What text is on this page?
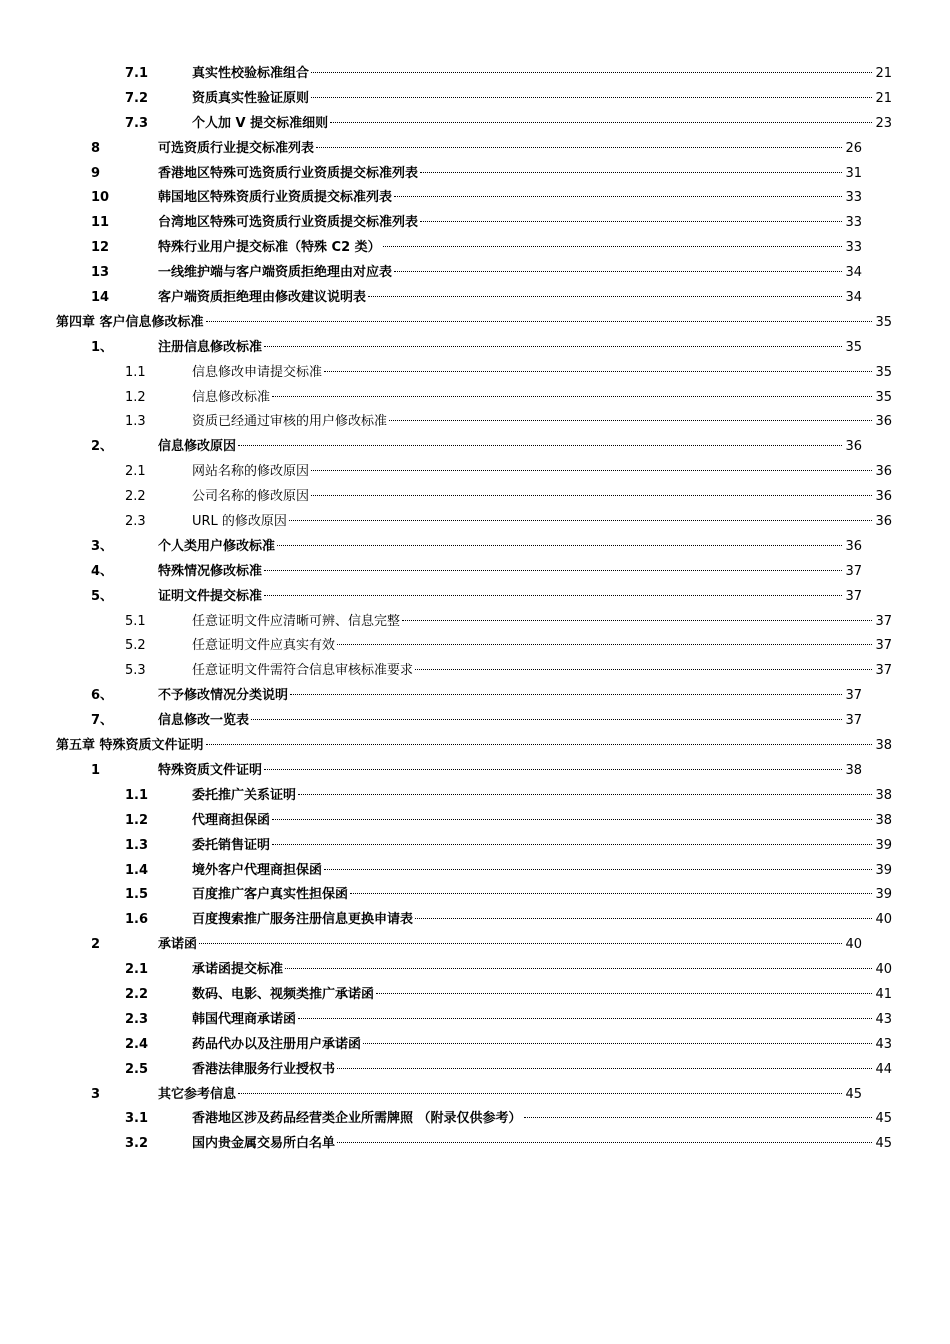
7.1	真实性校验标准组合	21
7.2	资质真实性验证原则	21
7.3	个人加 V 提交标准细则	23
8	可选资质行业提交标准列表	26
9	香港地区特殊可选资质行业资质提交标准列表	31
10	韩国地区特殊资质行业资质提交标准列表	33
11	台湾地区特殊可选资质行业资质提交标准列表	33
12	特殊行业用户提交标准（特殊 C2 类）	33
13	一线维护端与客户端资质拒绝理由对应表	34
14	客户端资质拒绝理由修改建议说明表	34
第四章 客户信息修改标准	35
1、	注册信息修改标准	35
1.1	信息修改申请提交标准	35
1.2	信息修改标准	35
1.3	资质已经通过审核的用户修改标准	36
2、	信息修改原因	36
2.1	网站名称的修改原因	36
2.2	公司名称的修改原因	36
2.3	URL 的修改原因	36
3、	个人类用户修改标准	36
4、	特殊情况修改标准	37
5、	证明文件提交标准	37
5.1	任意证明文件应清晰可辨、信息完整	37
5.2	任意证明文件应真实有效	37
5.3	任意证明文件需符合信息审核标准要求	37
6、	不予修改情况分类说明	37
7、	信息修改一览表	37
第五章 特殊资质文件证明	38
1	特殊资质文件证明	38
1.1	委托推广关系证明	38
1.2	代理商担保函	38
1.3	委托销售证明	39
1.4	境外客户代理商担保函	39
1.5	百度推广客户真实性担保函	39
1.6	百度搜索推广服务注册信息更换申请表	40
2	承诺函	40
2.1	承诺函提交标准	40
2.2	数码、电影、视频类推广承诺函	41
2.3	韩国代理商承诺函	43
2.4	药品代办以及注册用户承诺函	43
2.5	香港法律服务行业授权书	44
3	其它参考信息	45
3.1	香港地区涉及药品经营类企业所需牌照 （附录仅供参考）	45
3.2	国内贵金属交易所白名单	45
